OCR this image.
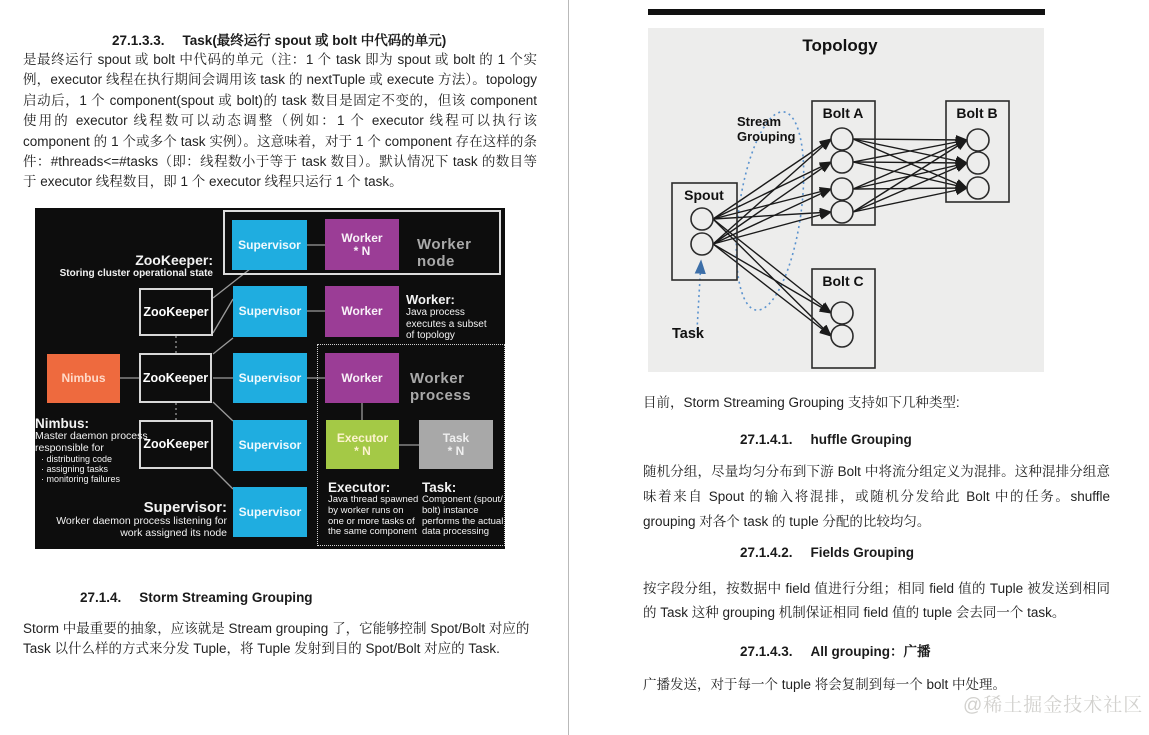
27.1.3.3. Task(最终运行 spout 或 bolt 中代码的单元)
是最终运行 spout 或 bolt 中代码的单元（注：1 个 task 即为 spout 或 bolt 的 1 个实例，executor 线程在执行期间会调用该 task 的 nextTuple 或 execute 方法）。topology 启动后，1 个 component(spout 或 bolt)的 task 数目是固定不变的，但该 component 使用的 executor 线程数可以动态调整（例如：1 个 executor 线程可以执行该 component 的 1 个或多个 task 实例）。这意味着，对于 1 个 component 存在这样的条件：#threads<=#tasks（即：线程数小于等于 task 数目）。默认情况下 task 的数目等于 executor 线程数目，即 1 个 executor 线程只运行 1 个 task。
Supervisor	Worker
* N
ZooKeeper	Supervisor	Worker
Nimbus	ZooKeeper	Supervisor	Worker
ZooKeeper	Supervisor
Executor
* N
Task
* N
Supervisor
Worker node
Worker process
ZooKeeper:
Storing cluster operational state
Worker:
Java process
executes a subset
of topology
Nimbus:
Master daemon process
responsible for
· distributing code
· assigning tasks
· monitoring failures
Supervisor:
Worker daemon process listening for
work assigned its node
Executor:
Java thread spawned
by worker runs on
one or more tasks of
the same component
Task:
Component (spout/
bolt) instance
performs the actual
data processing
27.1.4. Storm Streaming Grouping
Storm 中最重要的抽象，应该就是 Stream grouping 了，它能够控制 Spot/Bolt 对应的 Task 以什么样的方式来分发 Tuple，将 Tuple 发射到目的 Spot/Bolt 对应的 Task.
Topology
Spout
Bolt A	Bolt B
Bolt C
Stream
Grouping
Task
目前，Storm Streaming Grouping 支持如下几种类型:
27.1.4.1. huffle Grouping
随机分组，尽量均匀分布到下游 Bolt 中将流分组定义为混排。这种混排分组意味着来自 Spout 的输入将混排，或随机分发给此 Bolt 中的任务。shuffle grouping 对各个 task 的 tuple 分配的比较均匀。
27.1.4.2. Fields Grouping
按字段分组，按数据中 field 值进行分组；相同 field 值的 Tuple 被发送到相同的 Task 这种 grouping 机制保证相同 field 值的 tuple 会去同一个 task。
27.1.4.3. All grouping：广播
广播发送，对于每一个 tuple 将会复制到每一个 bolt 中处理。
@稀土掘金技术社区
